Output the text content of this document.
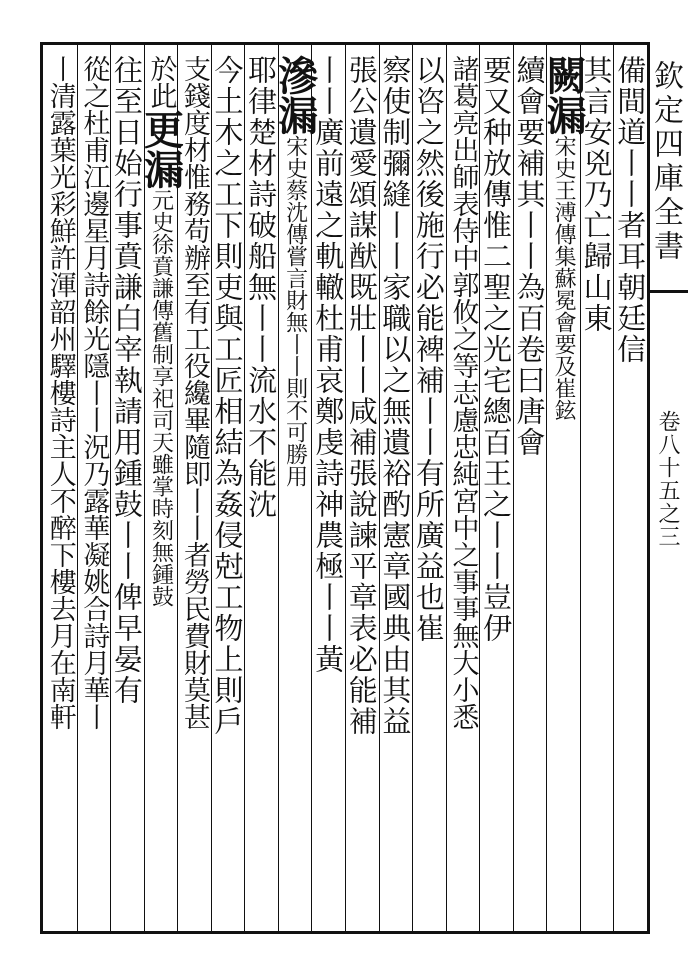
欽定四庫全書
卷八十五之三
備間道丨丨者耳朝廷信
其言安兇乃亡歸山東
闕漏宋史王溥傳集蘇冕會要及崔鉉
續會要補其丨丨為百卷曰唐會
要又种放傳惟二聖之光宅總百王之丨丨豈伊
諸葛亮出師表侍中郭攸之等志慮忠純宮中之事事無大小悉
以咨之然後施行必能裨補丨丨有所廣益也崔
察使制彌縫丨丨家職以之無遺裕酌憲章國典由其益
張公遺愛頌謀猷既壯丨丨咸補張說諫平章表必能補
丨丨廣前遠之軌轍杜甫哀鄭虔詩神農極丨丨黃
滲漏宋史蔡沈傳嘗言財無丨丨則不可勝用
耶律楚材詩破船無丨丨流水不能沈
今土木之工下則吏與工匠相結為姦侵尅工物上則戶
支錢度材惟務苟辦至有工役纔畢隨即丨丨者勞民費財莫甚
於此更漏元史徐賁謙傳舊制享祀司天雖掌時刻無鍾鼓
往至日始行事賁謙白宰執請用鍾鼓丨丨俾早晏有
從之杜甫江邊星月詩餘光隱丨丨況乃露華凝姚合詩月華丨
丨清露葉光彩鮮許渾韶州驛樓詩主人不醉下樓去月在南軒
